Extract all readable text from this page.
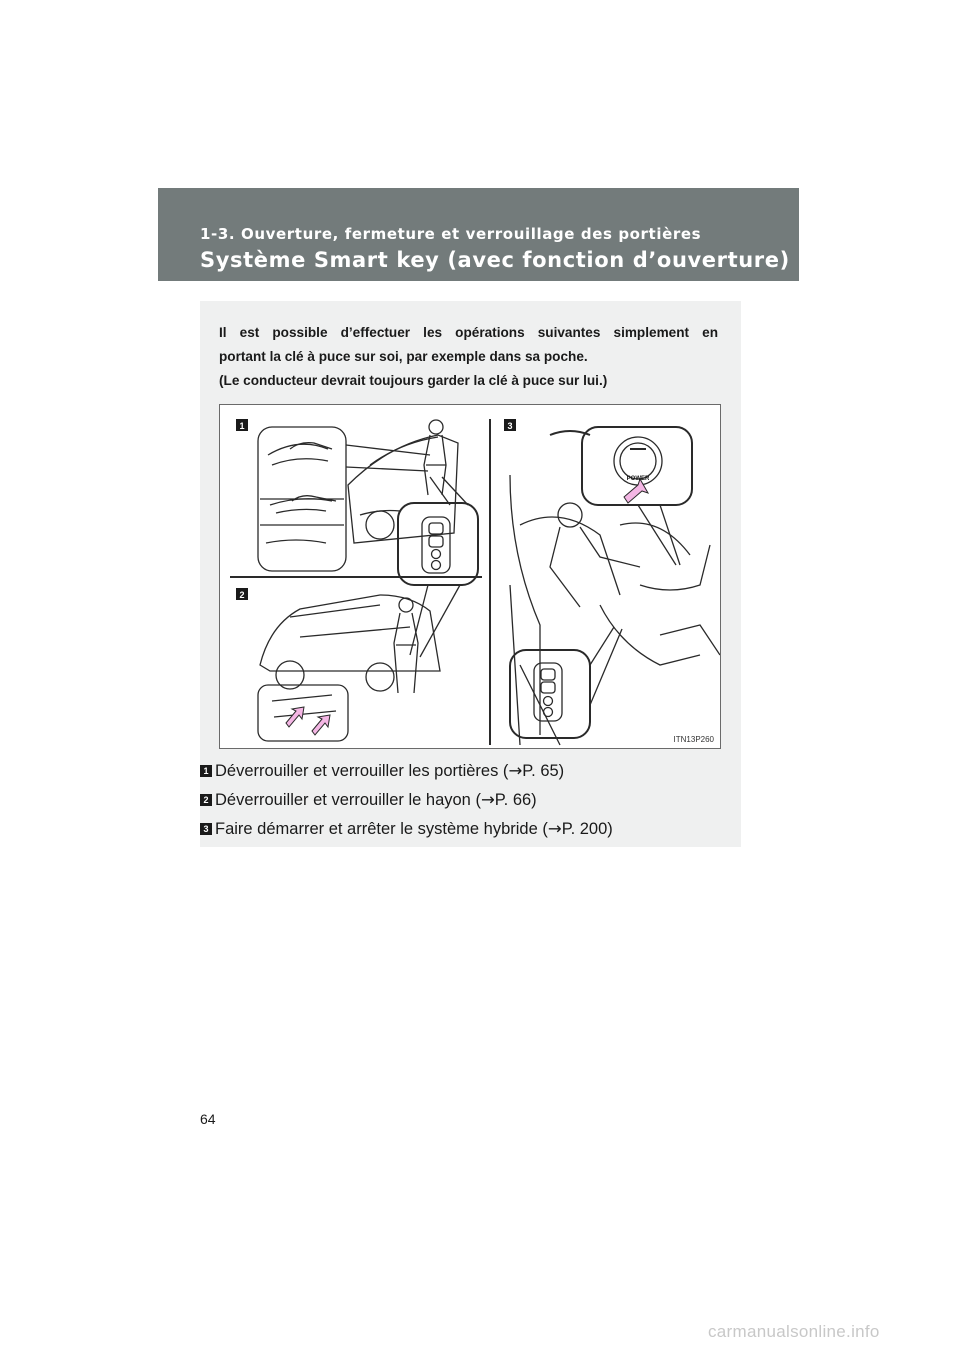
1-3. Ouverture, fermeture et verrouillage des portières
Système Smart key (avec fonction d’ouverture)
Il est possible d’effectuer les opérations suivantes simplement en
portant la clé à puce sur soi, par exemple dans sa poche.
(Le conducteur devrait toujours garder la clé à puce sur lui.)
1
2
3
POWER
ITN13P260
1 Déverrouiller et verrouiller les portières (→P. 65)
2 Déverrouiller et verrouiller le hayon (→P. 66)
3 Faire démarrer et arrêter le système hybride (→P. 200)
64
carmanualsonline.info
